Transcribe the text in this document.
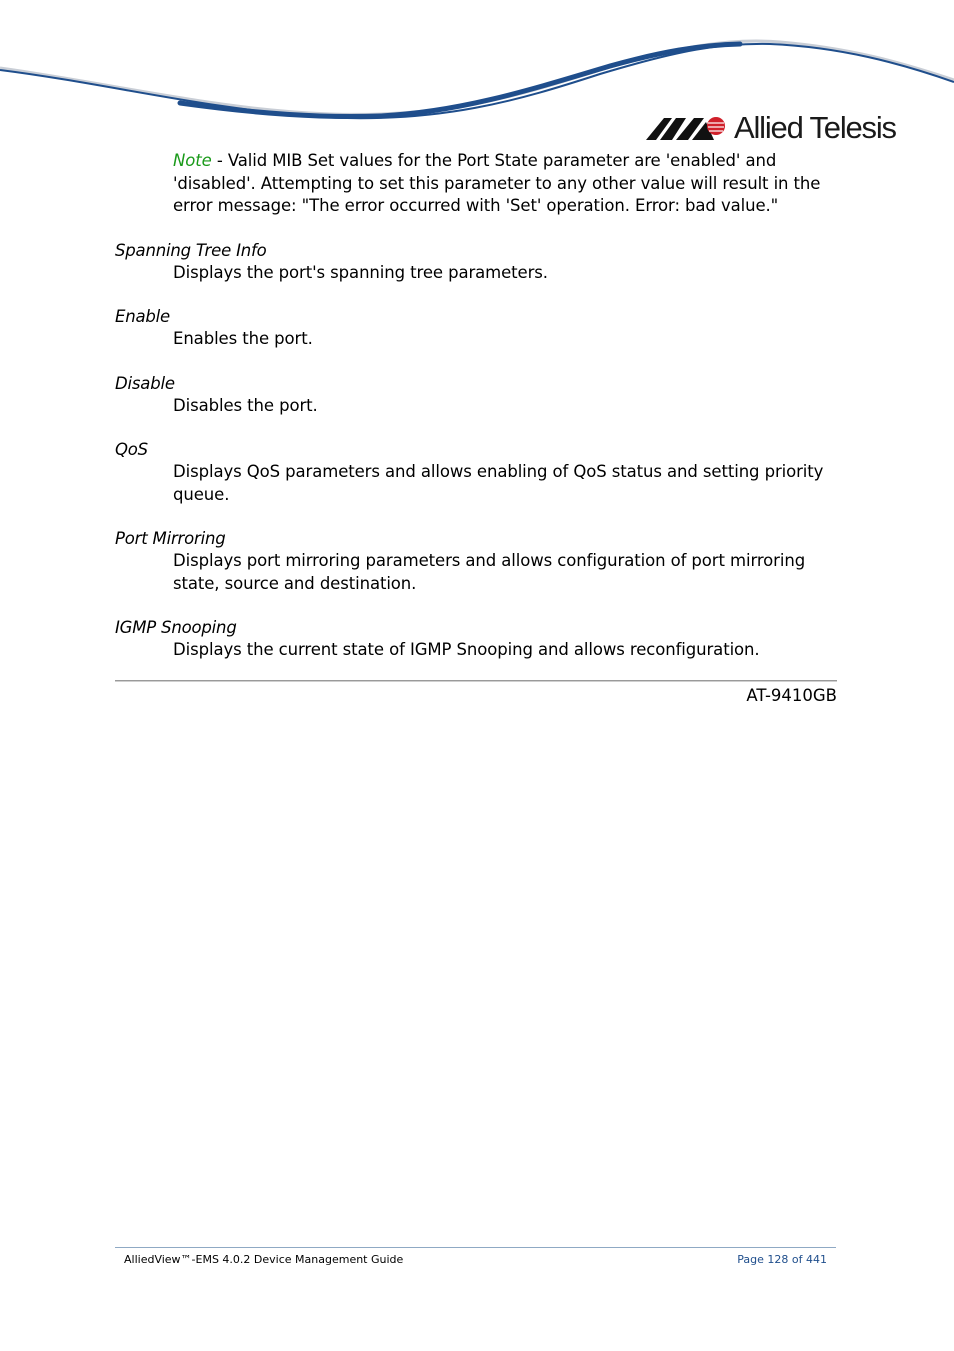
Allied Telesis
Note - Valid MIB Set values for the Port State parameter are 'enabled' and 'disabled'. Attempting to set this parameter to any other value will result in the error message: "The error occurred with 'Set' operation. Error: bad value."
Spanning Tree Info
Displays the port's spanning tree parameters.
Enable
Enables the port.
Disable
Disables the port.
QoS
Displays QoS parameters and allows enabling of QoS status and setting priority queue.
Port Mirroring
Displays port mirroring parameters and allows configuration of port mirroring state, source and destination.
IGMP Snooping
Displays the current state of IGMP Snooping and allows reconfiguration.
AT-9410GB
AlliedView™-EMS 4.0.2 Device Management Guide	Page 128 of 441
